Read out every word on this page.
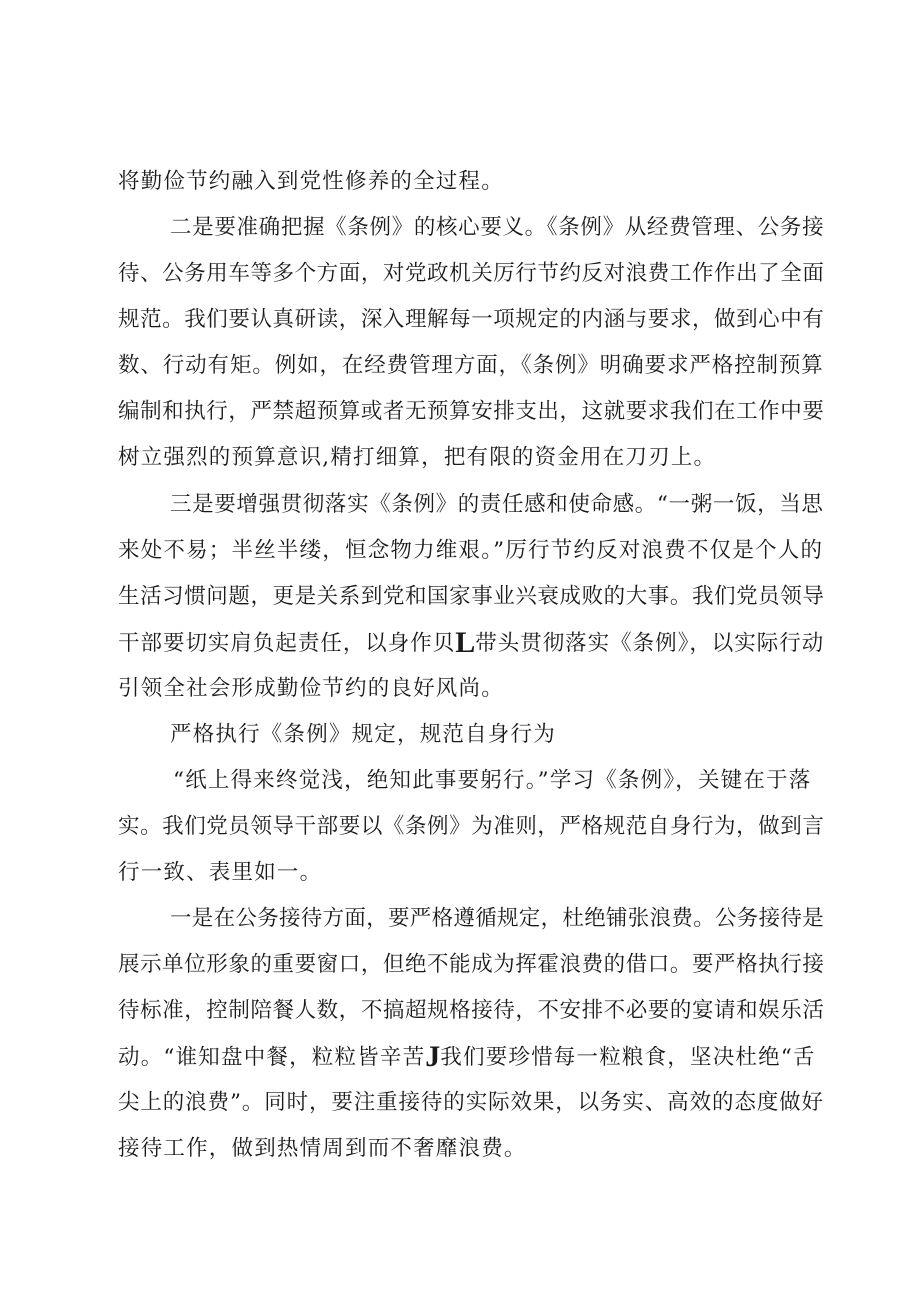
将勤俭节约融入到党性修养的全过程。
二是要准确把握《条例》的核心要义。《条例》从经费管理、公务接
待、公务用车等多个方面，对党政机关厉行节约反对浪费工作作出了全面
规范。我们要认真研读，深入理解每一项规定的内涵与要求，做到心中有
数、行动有矩。例如，在经费管理方面，《条例》明确要求严格控制预算
编制和执行，严禁超预算或者无预算安排支出，这就要求我们在工作中要
树立强烈的预算意识,精打细算，把有限的资金用在刀刃上。
三是要增强贯彻落实《条例》的责任感和使命感。“一粥一饭，当思
来处不易；半丝半缕，恒念物力维艰。”厉行节约反对浪费不仅是个人的
生活习惯问题，更是关系到党和国家事业兴衰成败的大事。我们党员领导
干部要切实肩负起责任，以身作贝L带头贯彻落实《条例》，以实际行动
引领全社会形成勤俭节约的良好风尚。
严格执行《条例》规定，规范自身行为
“纸上得来终觉浅，绝知此事要躬行。”学习《条例》，关键在于落
实。我们党员领导干部要以《条例》为准则，严格规范自身行为，做到言
行一致、表里如一。
一是在公务接待方面，要严格遵循规定，杜绝铺张浪费。公务接待是
展示单位形象的重要窗口，但绝不能成为挥霍浪费的借口。要严格执行接
待标准，控制陪餐人数，不搞超规格接待，不安排不必要的宴请和娱乐活
动。“谁知盘中餐，粒粒皆辛苦J我们要珍惜每一粒粮食，坚决杜绝“舌
尖上的浪费”。同时，要注重接待的实际效果，以务实、高效的态度做好
接待工作，做到热情周到而不奢靡浪费。
